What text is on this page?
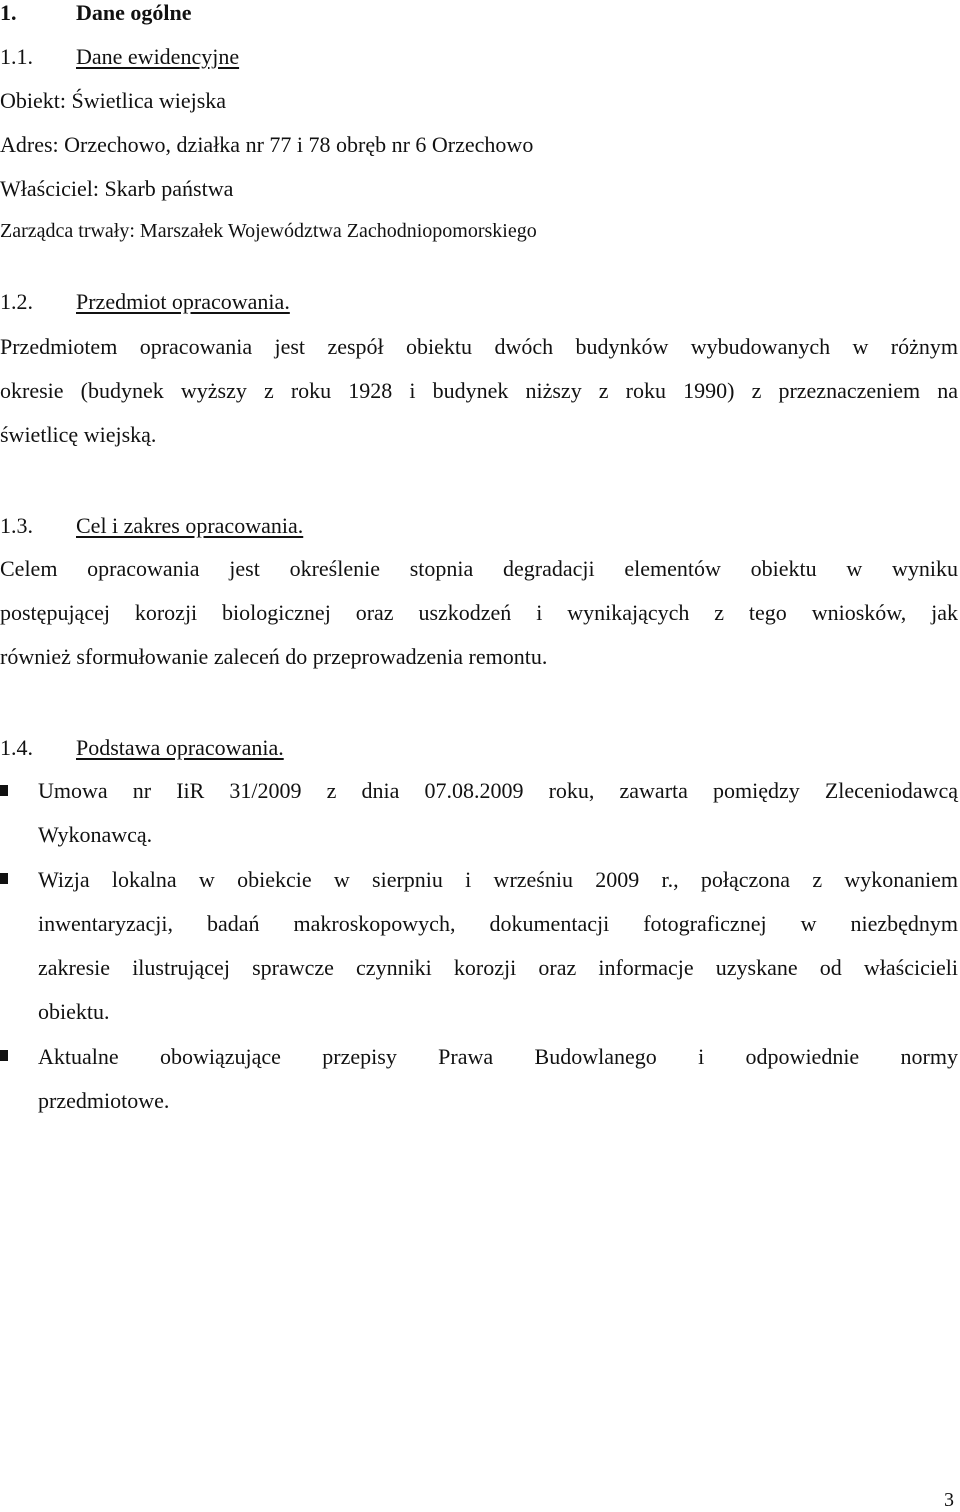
1.	Dane ogólne
1.1. Dane ewidencyjne
Obiekt: Świetlica wiejska
Adres: Orzechowo, działka nr 77 i 78 obręb nr 6 Orzechowo
Właściciel: Skarb państwa
Zarządca trwały: Marszałek Województwa Zachodniopomorskiego
1.2. Przedmiot opracowania.
Przedmiotem opracowania jest zespół obiektu dwóch budynków wybudowanych w różnym
okresie (budynek wyższy z roku 1928 i budynek niższy z roku 1990) z przeznaczeniem na
świetlicę wiejską.
1.3. Cel i zakres opracowania.
Celem opracowania jest określenie stopnia degradacji elementów obiektu w wyniku
postępującej korozji biologicznej oraz uszkodzeń i wynikających z tego wniosków, jak
również sformułowanie zaleceń do przeprowadzenia remontu.
1.4. Podstawa opracowania.
Umowa nr IiR 31/2009 z dnia 07.08.2009 roku, zawarta pomiędzy Zleceniodawcą
Wykonawcą.
Wizja lokalna w obiekcie w sierpniu i wrześniu 2009 r., połączona z wykonaniem
inwentaryzacji, badań makroskopowych, dokumentacji fotograficznej w niezbędnym
zakresie ilustrującej sprawcze czynniki korozji oraz informacje uzyskane od właścicieli
obiektu.
Aktualne obowiązujące przepisy Prawa Budowlanego i odpowiednie normy
przedmiotowe.
3
